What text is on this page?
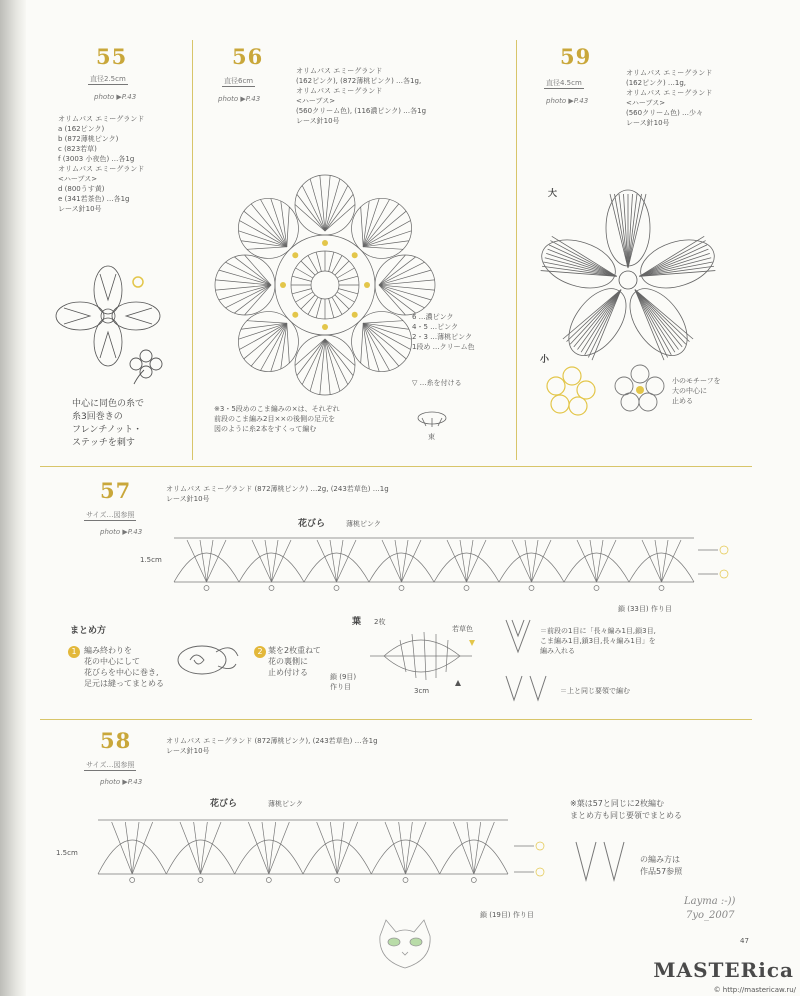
55
直径2.5cm
photo ▶P.43
オリムパス エミーグランド
a (162ピンク)
b (872薄桃ピンク)
c (823若草)
f (3003 小夜色) …各1g
オリムパス エミーグランド
<ハーブス>
d (800うす黄)
e (341若茶色) …各1g
レース針10号
中心に同色の糸で
糸3回巻きの
フレンチノット・
ステッチを刺す
56
直径6cm
photo ▶P.43
オリムパス エミーグランド
(162ピンク), (872薄桃ピンク) …各1g,
オリムパス エミーグランド
<ハーブス>
(560クリーム色), (116濃ピンク) …各1g
レース針10号
6 …濃ピンク
4・5 …ピンク
2・3 …薄桃ピンク
1段め …クリーム色
▽ …糸を付ける
※3・5段めのこま編みの×は、それぞれ
前段のこま編み2目××の後側の足元を
図のように糸2本をすくって編む
束
59
直径4.5cm
photo ▶P.43
オリムパス エミーグランド
(162ピンク) …1g,
オリムパス エミーグランド
<ハーブス>
(560クリーム色) …少々
レース針10号
大
小
小のモチーフを
大の中心に
止める
57
サイズ…図参照
photo ▶P.43
オリムパス エミーグランド (872薄桃ピンク) …2g, (243若草色) …1g
レース針10号
花びら	薄桃ピンク
1.5cm
鎖 (33目) 作り目
まとめ方
1 編み終わりを
花の中心にして
花びらを中心に巻き,
足元は縫ってまとめる
2 葉を2枚重ねて
花の裏側に
止め付ける
葉 2枚
若草色
鎖 (9目)
作り目	3cm
＝前段の1目に「長々編み1目,鎖3目,
こま編み1目,鎖3目,長々編み1目」を
編み入れる
＝上と同じ要領で編む
58
サイズ…図参照
photo ▶P.43
オリムパス エミーグランド (872薄桃ピンク), (243若草色) …各1g
レース針10号
花びら	薄桃ピンク
1.5cm
鎖 (19目) 作り目
※葉は57と同じに2枚編む
まとめ方も同じ要領でまとめる
の編み方は
作品57参照
Layma :-))
7yo_2007
47
MASTERica
© http://mastericaw.ru/
